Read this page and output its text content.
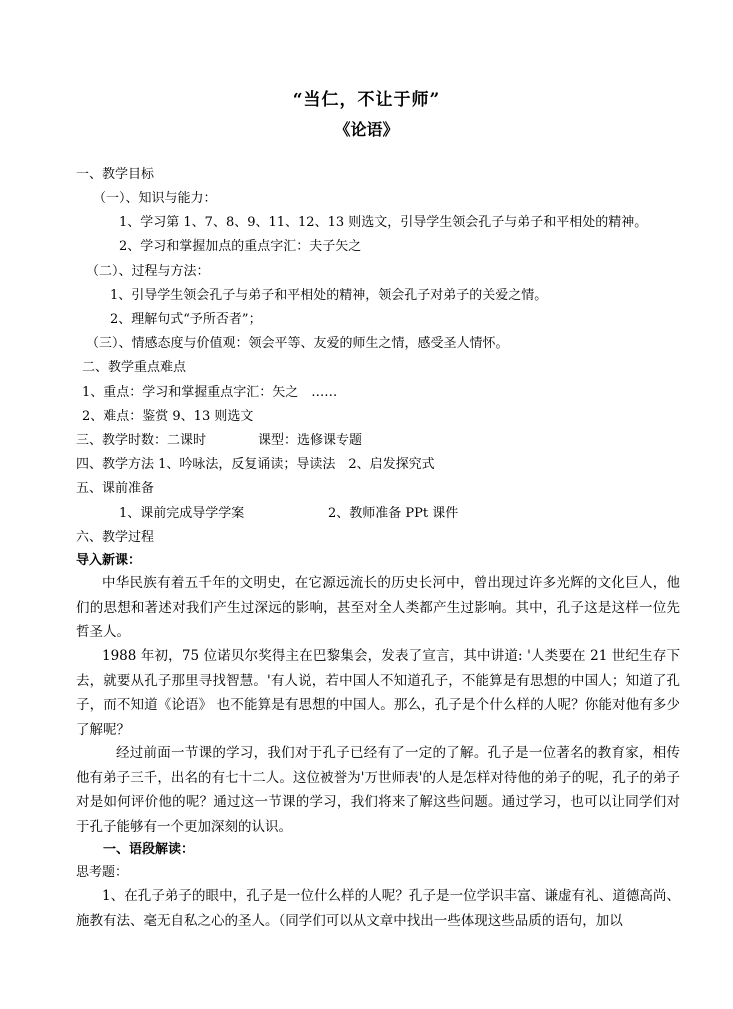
“当仁，不让于师”
《论语》
一、教学目标
（一）、知识与能力：
1、学习第 1、7、8、9、11、12、13 则选文，引导学生领会孔子与弟子和平相处的精神。
2、学习和掌握加点的重点字汇：夫子矢之
（二）、过程与方法：
1、引导学生领会孔子与弟子和平相处的精神，领会孔子对弟子的关爱之情。
2、理解句式“予所否者”；
（三）、情感态度与价值观：领会平等、友爱的师生之情，感受圣人情怀。
二、教学重点难点
1、重点：学习和掌握重点字汇：矢之　……
2、难点：鉴赏 9、13 则选文
三、教学时数：二课时	课型：选修课专题
四、教学方法 1、吟咏法，反复诵读；导读法　2、启发探究式
五、课前准备
1、课前完成导学学案	2、教师准备 PPt 课件
六、教学过程
导入新课：

中华民族有着五千年的文明史，在它源远流长的历史长河中，曾出现过许多光辉的文化巨人，他们的思想和著述对我们产生过深远的影响，甚至对全人类都产生过影响。其中，孔子这是这样一位先哲圣人。

1988 年初，75 位诺贝尔奖得主在巴黎集会，发表了宣言，其中讲道: '人类要在 21 世纪生存下去，就要从孔子那里寻找智慧。'有人说，若中国人不知道孔子，不能算是有思想的中国人；知道了孔子，而不知道《论语》 也不能算是有思想的中国人。那么，孔子是个什么样的人呢？你能对他有多少了解呢？

经过前面一节课的学习，我们对于孔子已经有了一定的了解。孔子是一位著名的教育家，相传他有弟子三千，出名的有七十二人。这位被誉为'万世师表'的人是怎样对待他的弟子的呢，孔子的弟子对是如何评价他的呢？通过这一节课的学习，我们将来了解这些问题。通过学习，也可以让同学们对于孔子能够有一个更加深刻的认识。

一、语段解读：
思考题：

1、在孔子弟子的眼中，孔子是一位什么样的人呢？孔子是一位学识丰富、谦虚有礼、道德高尚、施教有法、毫无自私之心的圣人。（同学们可以从文章中找出一些体现这些品质的语句，加以
